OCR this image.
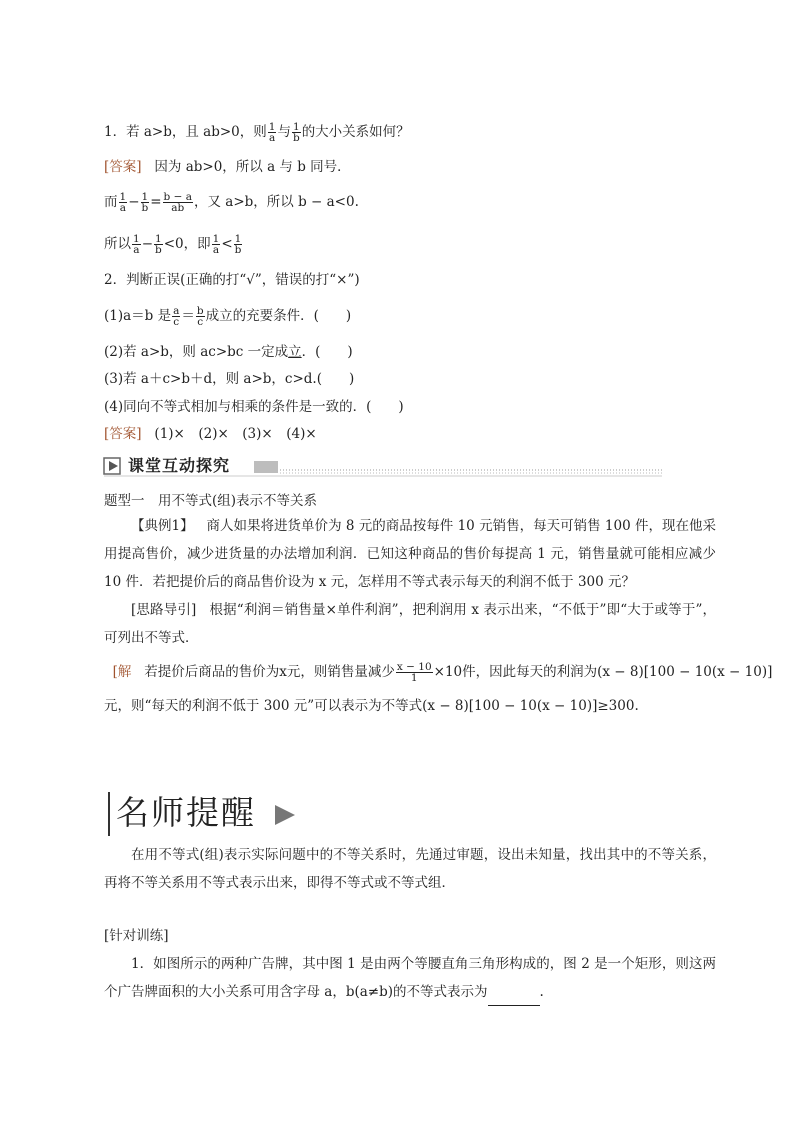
1．若 a>b，且 ab>0，则 $\frac{1}{a}$ 与 $\frac{1}{b}$ 的大小关系如何？
[答案] 因为 ab>0，所以 a 与 b 同号．
而 $\frac{1}{a} - \frac{1}{b} = \frac{b - a}{ab}$ ，又 a>b，所以 b − a<0.
所以 $\frac{1}{a} - \frac{1}{b} <0$，即 $\frac{1}{a} < \frac{1}{b}$
2．判断正误(正确的打“√”，错误的打“×”)
(1)a＝b 是 $\frac{a}{c} = \frac{b}{c}$ 成立的充要条件．(　　)
(2)若 a>b，则 ac>bc 一定成立．(　　)
(3)若 a＋c>b＋d，则 a>b，c>d.(　　)
(4)同向不等式相加与相乘的条件是一致的．(　　)
[答案] (1)×　(2)×　(3)×　(4)×
课堂互动探究
题型一　用不等式(组)表示不等关系
【典例1】 商人如果将进货单价为 8 元的商品按每件 10 元销售，每天可销售 100 件，现在他采用提高售价，减少进货量的办法增加利润．已知这种商品的售价每提高 1 元，销售量就可能相应减少 10 件．若把提价后的商品售价设为 x 元，怎样用不等式表示每天的利润不低于 300 元？
[思路导引] 根据“利润＝销售量×单件利润”，把利润用 x 表示出来，“不低于”即“大于或等于”，可列出不等式．
[解 若提价后商品的售价为x元，则销售量减少 $\frac{x - 10}{1} \times 10$件，因此每天的利润为(x − 8)[100 − 10(x − 10)]
元，则“每天的利润不低于 300 元”可以表示为不等式(x − 8)[100 − 10(x − 10)]≥300.
名师提醒
在用不等式(组)表示实际问题中的不等关系时，先通过审题，设出未知量，找出其中的不等关系，再将不等关系用不等式表示出来，即得不等式或不等式组．
[针对训练]
1．如图所示的两种广告牌，其中图 1 是由两个等腰直角三角形构成的，图 2 是一个矩形，则这两个广告牌面积的大小关系可用含字母 a，b(a≠b)的不等式表示为	.
